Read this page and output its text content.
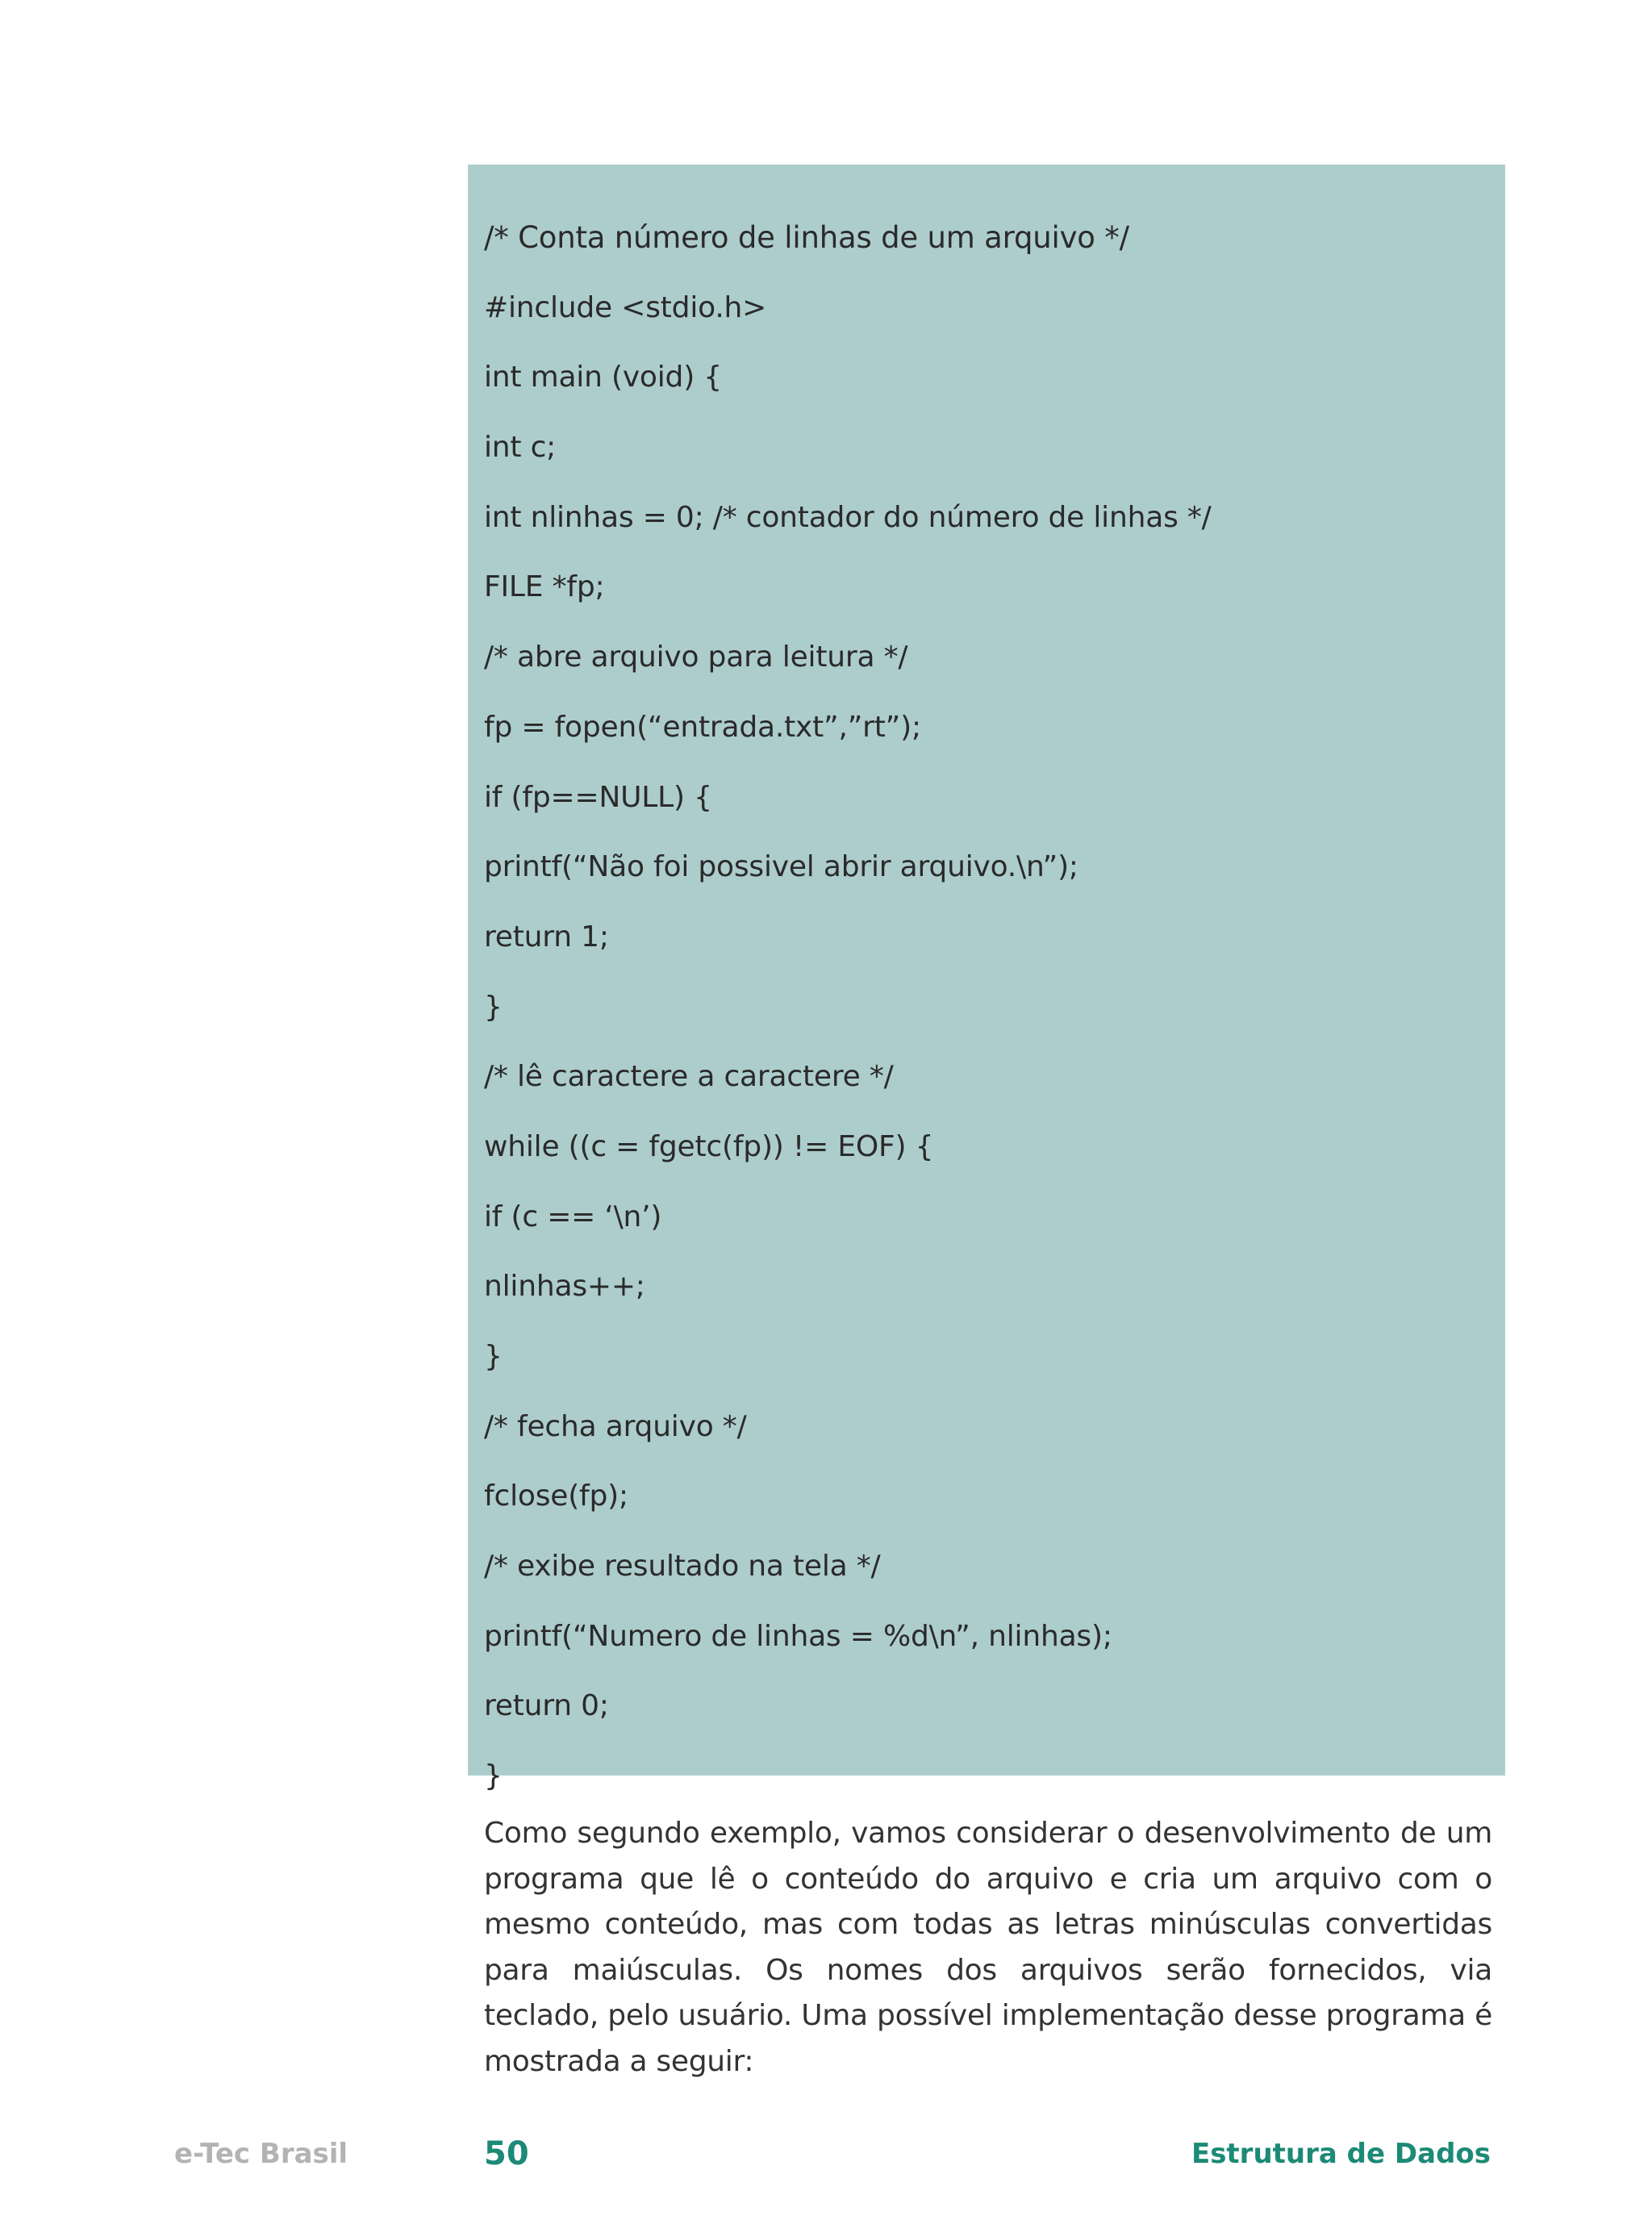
/* Conta número de linhas de um arquivo */
#include <stdio.h>
int main (void) {
int c;
int nlinhas = 0; /* contador do número de linhas */
FILE *fp;
/* abre arquivo para leitura */
fp = fopen(“entrada.txt”,”rt”);
if (fp==NULL) {
printf(“Não foi possivel abrir arquivo.\n”);
return 1;
}
/* lê caractere a caractere */
while ((c = fgetc(fp)) != EOF) {
if (c == ‘\n’)
nlinhas++;
}
/* fecha arquivo */
fclose(fp);
/* exibe resultado na tela */
printf(“Numero de linhas = %d\n”, nlinhas);
return 0;
}

Como segundo exemplo, vamos considerar o desenvolvimento de um programa que lê o conteúdo do arquivo e cria um arquivo com o mesmo conteúdo, mas com todas as letras minúsculas convertidas para maiúsculas. Os nomes dos arquivos serão fornecidos, via teclado, pelo usuário. Uma possível implementação desse programa é mostrada a seguir:

e-Tec Brasil	50	Estrutura de Dados
